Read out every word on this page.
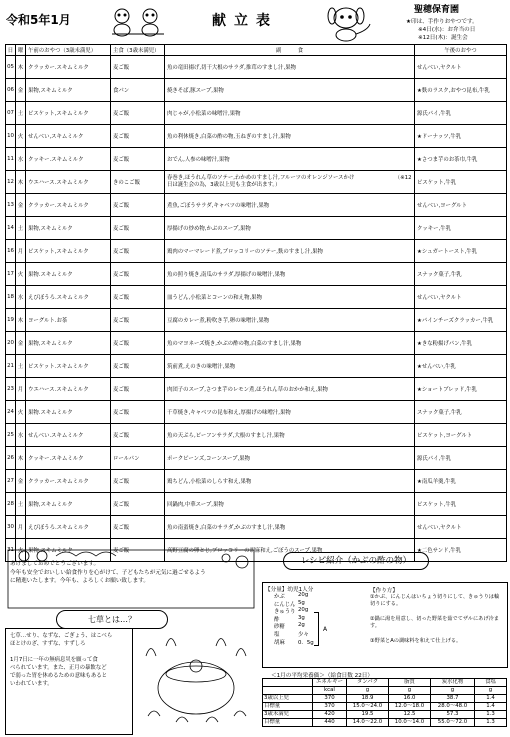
令和5年1月	献立表
聖穂保育園
★印は、手作りおやつです。
※4日(水)：お弁当の日
※12日(木)：誕生会
日	曜	午前のおやつ（3歳未満児）	主食（3歳未満児）	副　　　食	午後のおやつ
05	木	クラッカー.スキムミルク	麦ご飯	魚の竜田揚げ,切干大根のサラダ,推茸のすまし汁,果物	せんべい,ヤクルト
06	金	果物,スキムミルク	食パン	焼きそば,豚スープ,果物	★麩のラスク,おやつ昆布,牛乳
07	土	ビスケット,スキムミルク	麦ご飯	肉じゃが,小松菜の味噌汁,果物	源氏パイ,牛乳
10	火	せんべい,スキムミルク	麦ご飯	魚の利休焼き,白菜の酢の物,玉ねぎのすまし汁,果物	★ドーナッツ,牛乳
11	水	クッキー.スキムミルク	麦ご飯	おでん,人参の味噌汁,果物	★さつま芋のお茶巾,牛乳
12	木	ウエハース.スキムミルク	きのこご飯	春巻き,ほうれん草のソテー,わかめのすまし汁,フルーツのオレンジソースかけ　　　　　　　　（※12日は誕生会の為，3歳以上児も主食が出ます。）	ビスケット,牛乳
13	金	クラッカー.スキムミルク	麦ご飯	煮魚,ごぼうサラダ,キャベツの味噌汁,果物	せんべい,ヨーグルト
14	土	果物,スキムミルク	麦ご飯	厚揚げの炒め物,かぶのスープ,果物	クッキー,牛乳
16	月	ビスケット,スキムミルク	麦ご飯	鶏肉のマーマレード煮,ブロッコリーのソテー,麩のすまし汁,果物	★シュガートースト,牛乳
17	火	果物.スキムミルク	麦ご飯	魚の照り焼き,南瓜のサラダ,厚揚げの味噌汁,果物	スナック菓子,牛乳
18	水	えびぼうろ.スキムミルク	麦ご飯	皿うどん,小松菜とコーンの和え物,果物	せんべい,ヤクルト
19	木	ヨーグルト.お茶	麦ご飯	豆腐のカレー煮,粉吹き芋,卵の味噌汁,果物	★パインチーズクラッカー,牛乳
20	金	果物,スキムミルク	麦ご飯	魚のマヨネーズ焼き,かぶの酢の物,白菜のすまし汁,果物	★きな粉揚げパン,牛乳
21	土	ビスケット.スキムミルク	麦ご飯	筑前煮,えのきの味噌汁,果物	★せんべい,牛乳
23	月	ウエハース.スキムミルク	麦ご飯	肉団子のスープ,さつま芋のレモン煮,ほうれん草のおかか和え,果物	★ショートブレッド,牛乳
24	火	果物.スキムミルク	麦ご飯	千草焼き,キャベツの昆布和え,厚揚げの味噌汁,果物	スナック菓子,牛乳
25	水	せんべい.スキムミルク	麦ご飯	魚の天ぷら,ビーフンサラダ,大根のすまし汁,果物	ビスケット,ヨーグルト
26	木	クッキー.スキムミルク	ロールパン	ポークビーンズ,コーンスープ,果物	源氏パイ,牛乳
27	金	クラッカー.スキムミルク	麦ご飯	鶏ちどん,小松菜のしらす和え,果物	★南瓜羊羹,牛乳
28	土	果物,スキムミルク	麦ご飯	回鍋肉,中華スープ,果物	ビスケット,牛乳
30	月	えびぼうろ.スキムミルク	麦ご飯	魚の南蛮焼き,白菜のサラダ,かぶのすまし汁,果物	せんべい,ヤクルト
31	火	果物.スキムミルク	麦ご飯	高野豆腐の卵とじ,ブロッコリーの胡麻和え,ごぼうのスープ,果物	★二色サンド,牛乳
あけましておめでとうございます。
今年も安全でおいしい給食作りを心がけて、子どもたちが元気に過ごせるよう
に精進いたします。今年も、よろしくお願い致します。
七草とは…？
七草…せり、なずな、ごぎょう、はこべら
ほとけのざ、すずな、すずしろ
1月7日に一年の無病息災を願って食
べられています。また、正月の暴飲など
で弱った胃を休めるための意味もあると
いわれています。
レシピ紹介（かぶの酢の物）
【分量】幼児1人分
かぶ 20g
にんじん 5g
きゅうり 20g
酢	3g
砂糖 2g
塩	少々
胡麻 0．5g
A
【作り方】
①かぶ、にんじんはいちょう切りにして、きゅうりは輪切りにする。
②鍋に湯を用意し、切った野菜を茹でてザルにあげ冷ます。
③野菜とAの調味料を和えて仕上げる。
＜1月の平均栄養価＞（給食日数 22日）
	エネルギー	タンパク	脂質	炭水化物	食塩
	kcal	g	g	g	g
3歳以上児	370	18.9	16.0	38.7	1.4
目標量	370	15.0～24.0	12.0～18.0	28.0～48.0	1.4
3歳未満児	420	19.5	12.5	57.3	1.3
目標量	440	14.0～22.0	10.0～14.0	55.0～72.0	1.3
